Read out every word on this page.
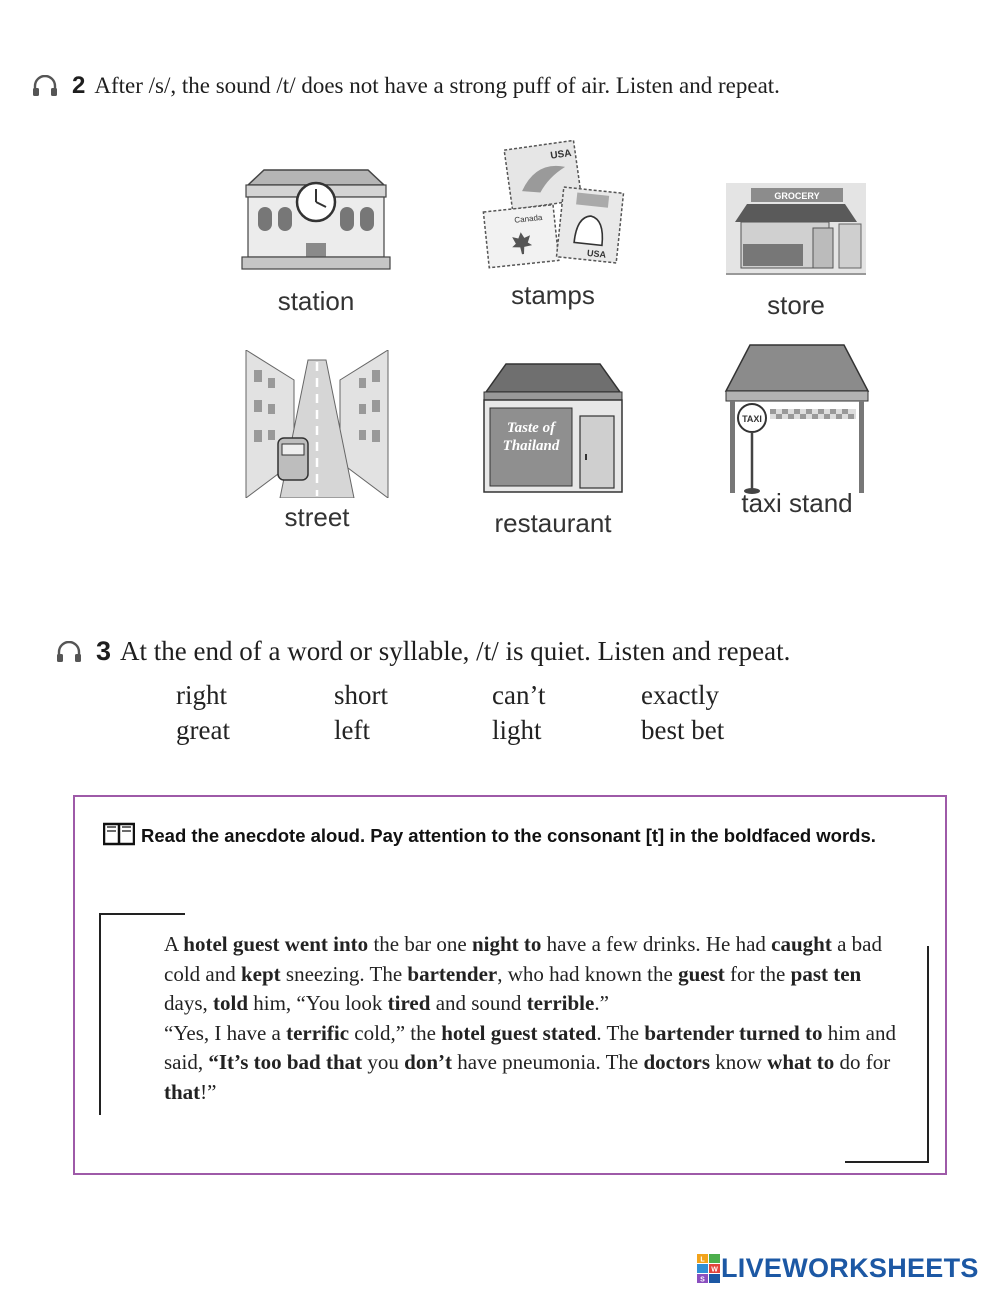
2 After /s/, the sound /t/ does not have a strong puff of air. Listen and repeat.
station
USA
Canada
USA
stamps
GROCERY
store
street
Taste of
Thailand
restaurant
TAXI
taxi stand
3 At the end of a word or syllable, /t/ is quiet. Listen and repeat.
right	short	can’t	exactly
great	left	light	best bet
Read the anecdote aloud. Pay attention to the consonant [t] in the boldfaced words.

A hotel guest went into the bar one night to have a few drinks. He had caught a bad cold and kept sneezing. The bartender, who had known the guest for the past ten days, told him, “You look tired and sound terrible.”

“Yes, I have a terrific cold,” the hotel guest stated. The bartender turned to him and said, “It’s too bad that you don’t have pneumonia. The doctors know what to do for that!”

L
W
S LIVEWORKSHEETS
